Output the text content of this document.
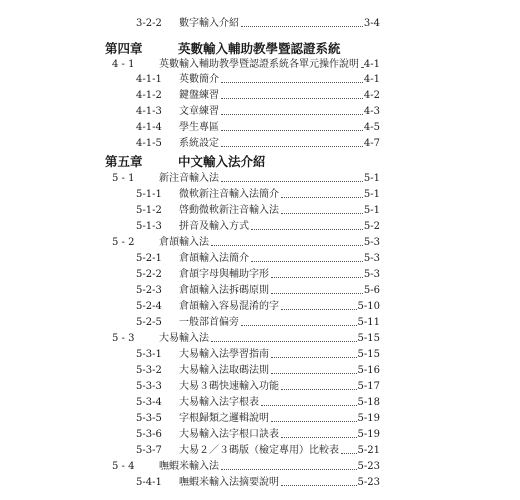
3-2-2 數字輸入介紹	3-4
第四章	英數輸入輔助教學暨認證系統
4 - 1 英數輸入輔助教學暨認證系統各單元操作說明 4-1
4-1-1 英數簡介	4-1
4-1-2 鍵盤練習	4-2
4-1-3 文章練習	4-3
4-1-4 學生專區	4-5
4-1-5 系統設定	4-7
第五章	中文輸入法介紹
5 - 1 新注音輸入法	5-1
5-1-1 微軟新注音輸入法簡介	5-1
5-1-2 啓動微軟新注音輸入法	5-1
5-1-3 拼音及輸入方式	5-2
5 - 2 倉頡輸入法	5-3
5-2-1 倉頡輸入法簡介	5-3
5-2-2 倉頡字母與輔助字形	5-3
5-2-3 倉頡輸入法拆碼原則	5-6
5-2-4 倉頡輸入容易混淆的字	5-10
5-2-5 一般部首偏旁	5-11
5 - 3 大易輸入法	5-15
5-3-1 大易輸入法學習指南	5-15
5-3-2 大易輸入法取碼法則	5-16
5-3-3 大易３碼快速輸入功能	5-17
5-3-4 大易輸入法字根表	5-18
5-3-5 字根歸類之邏輯說明	5-19
5-3-6 大易輸入法字根口訣表	5-19
5-3-7 大易２／３碼版（檢定專用）比較表 5-21
5 - 4 嘸蝦米輸入法	5-23
5-4-1 嘸蝦米輸入法摘要說明	5-23
